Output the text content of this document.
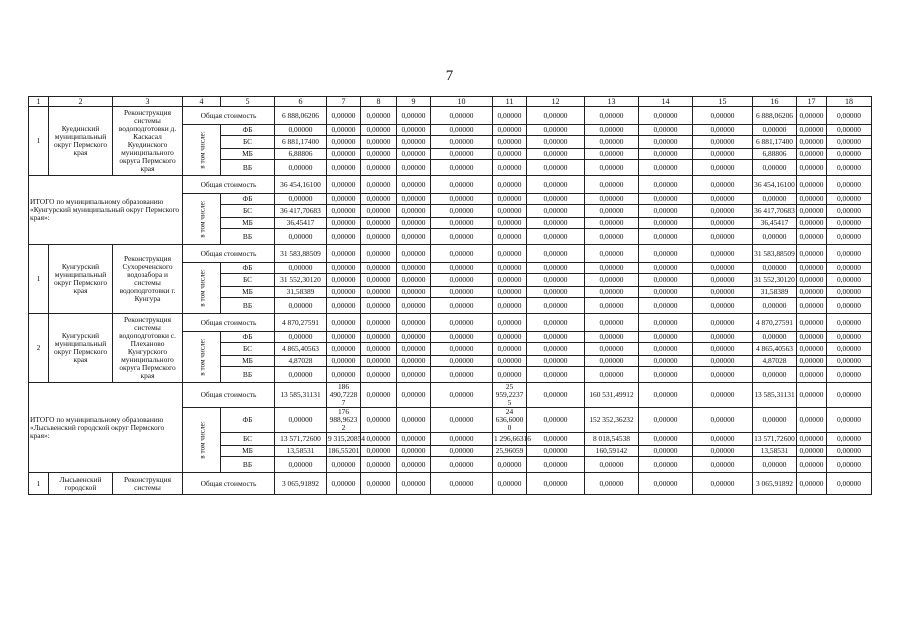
7
1	2	3	4	5	6	7	8	9	10	11	12	13	14	15	16	17	18	
1	Куединский муниципальный округ Пермского края	Реконструкция системы водоподготовки д. Кaскасал Куединского муниципального округа Пермского края	Общая стоимость		6 888,06206	0,00000	0,00000	0,00000	0,00000	0,00000	0,00000	0,00000	0,00000	0,00000	6 888,06206	0,00000	0,00000	
			в том числе:	ФБ	0,00000	0,00000	0,00000	0,00000	0,00000	0,00000	0,00000	0,00000	0,00000	0,00000	0,00000	0,00000	0,00000	
				БС	6 881,17400	0,00000	0,00000	0,00000	0,00000	0,00000	0,00000	0,00000	0,00000	0,00000	6 881,17400	0,00000	0,00000	
				МБ	6,88806	0,00000	0,00000	0,00000	0,00000	0,00000	0,00000	0,00000	0,00000	0,00000	6,88806	0,00000	0,00000	
				ВБ	0,00000	0,00000	0,00000	0,00000	0,00000	0,00000	0,00000	0,00000	0,00000	0,00000	0,00000	0,00000	0,00000	
ИТОГО по муниципальному образованию «Кунгурский муниципальный округ Пермского края»:			Общая стоимость		36 454,16100	0,00000	0,00000	0,00000	0,00000	0,00000	0,00000	0,00000	0,00000	0,00000	36 454,16100	0,00000	0,00000	
			в том числе:	ФБ	0,00000	0,00000	0,00000	0,00000	0,00000	0,00000	0,00000	0,00000	0,00000	0,00000	0,00000	0,00000	0,00000	
				БС	36 417,70683	0,00000	0,00000	0,00000	0,00000	0,00000	0,00000	0,00000	0,00000	0,00000	36 417,70683	0,00000	0,00000	
				МБ	36,45417	0,00000	0,00000	0,00000	0,00000	0,00000	0,00000	0,00000	0,00000	0,00000	36,45417	0,00000	0,00000	
				ВБ	0,00000	0,00000	0,00000	0,00000	0,00000	0,00000	0,00000	0,00000	0,00000	0,00000	0,00000	0,00000	0,00000	
1	Кунгурский муниципальный округ Пермского края	Реконструкция Сухореченского водозабора и системы водоподготовки г. Кунгура	Общая стоимость		31 583,88509	0,00000	0,00000	0,00000	0,00000	0,00000	0,00000	0,00000	0,00000	0,00000	31 583,88509	0,00000	0,00000	
			в том числе:	ФБ	0,00000	0,00000	0,00000	0,00000	0,00000	0,00000	0,00000	0,00000	0,00000	0,00000	0,00000	0,00000	0,00000	
				БС	31 552,30120	0,00000	0,00000	0,00000	0,00000	0,00000	0,00000	0,00000	0,00000	0,00000	31 552,30120	0,00000	0,00000	
				МБ	31,58389	0,00000	0,00000	0,00000	0,00000	0,00000	0,00000	0,00000	0,00000	0,00000	31,58389	0,00000	0,00000	
				ВБ	0,00000	0,00000	0,00000	0,00000	0,00000	0,00000	0,00000	0,00000	0,00000	0,00000	0,00000	0,00000	0,00000	
2	Кунгурский муниципальный округ Пермского края	Реконструкция системы водоподготовки с. Плеханово Кунгурского муниципального округа Пермского края	Общая стоимость		4 870,27591	0,00000	0,00000	0,00000	0,00000	0,00000	0,00000	0,00000	0,00000	0,00000	4 870,27591	0,00000	0,00000	
			в том числе:	ФБ	0,00000	0,00000	0,00000	0,00000	0,00000	0,00000	0,00000	0,00000	0,00000	0,00000	0,00000	0,00000	0,00000	
				БС	4 865,40563	0,00000	0,00000	0,00000	0,00000	0,00000	0,00000	0,00000	0,00000	0,00000	4 865,40563	0,00000	0,00000	
				МБ	4,87028	0,00000	0,00000	0,00000	0,00000	0,00000	0,00000	0,00000	0,00000	0,00000	4,87028	0,00000	0,00000	
				ВБ	0,00000	0,00000	0,00000	0,00000	0,00000	0,00000	0,00000	0,00000	0,00000	0,00000	0,00000	0,00000	0,00000	
ИТОГО по муниципальному образованию «Лысьвенский городской округ Пермского края»:			Общая стоимость		13 585,31131	186 490,72287	0,00000	0,00000	0,00000	25 959,22375	0,00000	160 531,49912	0,00000	0,00000	13 585,31131	0,00000	0,00000	
			в том числе:	ФБ	0,00000	176 988,96232	0,00000	0,00000	0,00000	24 636,60000	0,00000	152 352,36232	0,00000	0,00000	0,00000	0,00000	0,00000	
				БС	13 571,72600	9 315,20854	0,00000	0,00000	0,00000	1 296,66316	0,00000	8 018,54538	0,00000	0,00000	13 571,72600	0,00000	0,00000	
				МБ	13,58531	186,55201	0,00000	0,00000	0,00000	25,96059	0,00000	160,59142	0,00000	0,00000	13,58531	0,00000	0,00000	
				ВБ	0,00000	0,00000	0,00000	0,00000	0,00000	0,00000	0,00000	0,00000	0,00000	0,00000	0,00000	0,00000	0,00000	
1	Лысьвенский городской	Реконструкция системы	Общая стоимость		3 065,91892	0,00000	0,00000	0,00000	0,00000	0,00000	0,00000	0,00000	0,00000	0,00000	3 065,91892	0,00000	0,00000	
